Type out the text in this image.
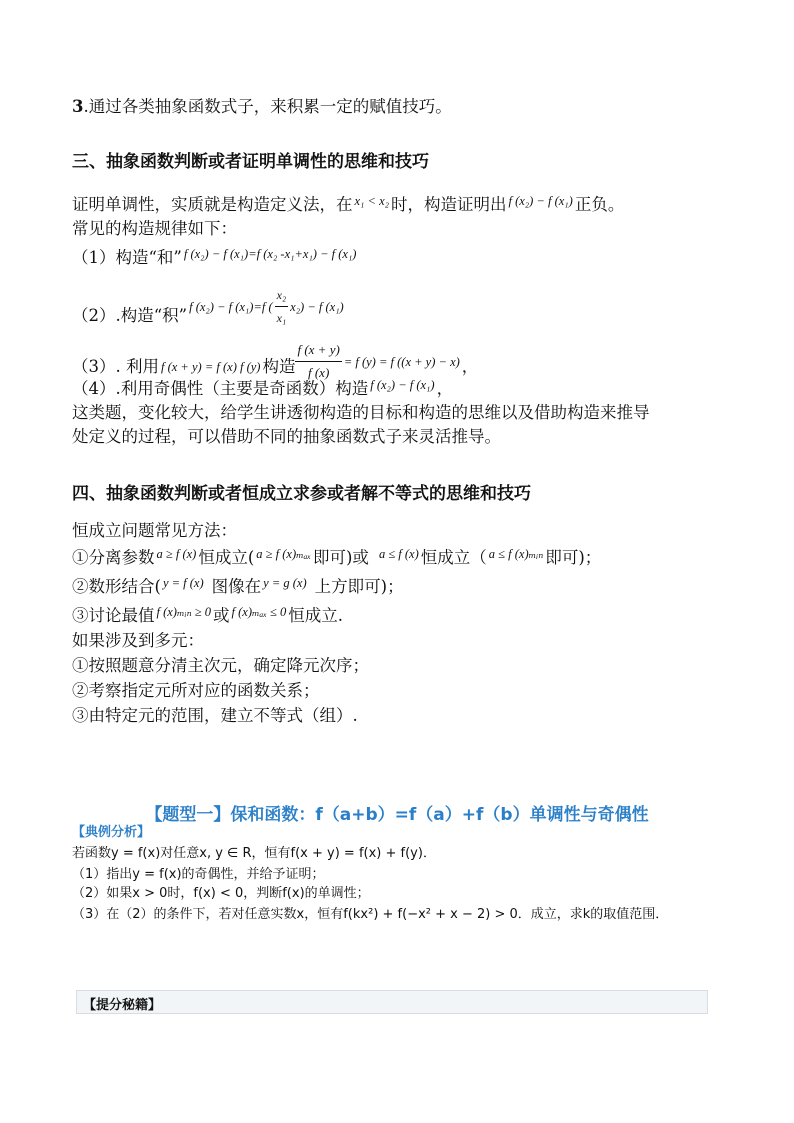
3.通过各类抽象函数式子，来积累一定的赋值技巧。
三、抽象函数判断或者证明单调性的思维和技巧
证明单调性，实质就是构造定义法，在 $^{x_1 < x_2}$ 时，构造证明出 $^{f (x_2) - f (x_1)}$ 正负。
常见的构造规律如下：
（1）构造“和” $^{f (x_2) - f (x_1)=f (x_2 -x_1+x_1) - f (x_1)}$
（2）.构造“积” $^{f (x_2) - f (x_1)=f (} \frac{\text{x₂}}{\text{x₁}} ^{x_2) - f (x_1)}$
（3）. 利用 f (x + y) = f (x) f (y) 构造 $\frac{f (x + y)}{f (x)} ^{= f (y) = f ((x + y) - x)}$ ，
（4）.利用奇偶性（主要是奇函数）构造 $^{f (x_2) - f (x_1)}$ ，
这类题，变化较大，给学生讲透彻构造的目标和构造的思维以及借助构造来推导
处定义的过程，可以借助不同的抽象函数式子来灵活推导。
四、抽象函数判断或者恒成立求参或者解不等式的思维和技巧
恒成立问题常见方法：
①分离参数 $^{a \ge f (x)}$ 恒成立( $^{a \ge f (x)_{max}}$ 即可)或 $^{a \le f (x)}$ 恒成立（ $^{a \le f (x)_mᵢ_n}$ 即可)；
②数形结合( $^{y = f (x)}$ 图像在 $^{y = g (x)}$ 上方即可)；
③讨论最值 $^{f (x)_mᵢ_n \ge 0}$ 或 $^{f (x)_{max} \le 0}$ 恒成立.
如果涉及到多元：
①按照题意分清主次元，确定降元次序；
②考察指定元所对应的函数关系；
③由特定元的范围，建立不等式（组）.
【题型一】保和函数：f（a+b）=f（a）+f（b）单调性与奇偶性
【典例分析】
若函数y = f(x)对任意x, y ∈ R，恒有f(x + y) = f(x) + f(y)．
（1）指出y = f(x)的奇偶性，并给予证明；
（2）如果x > 0时，f(x) < 0，判断f(x)的单调性；
（3）在（2）的条件下，若对任意实数x，恒有f(kx²) + f(−x² + x − 2) > 0．成立，求k的取值范围．
【提分秘籍】
